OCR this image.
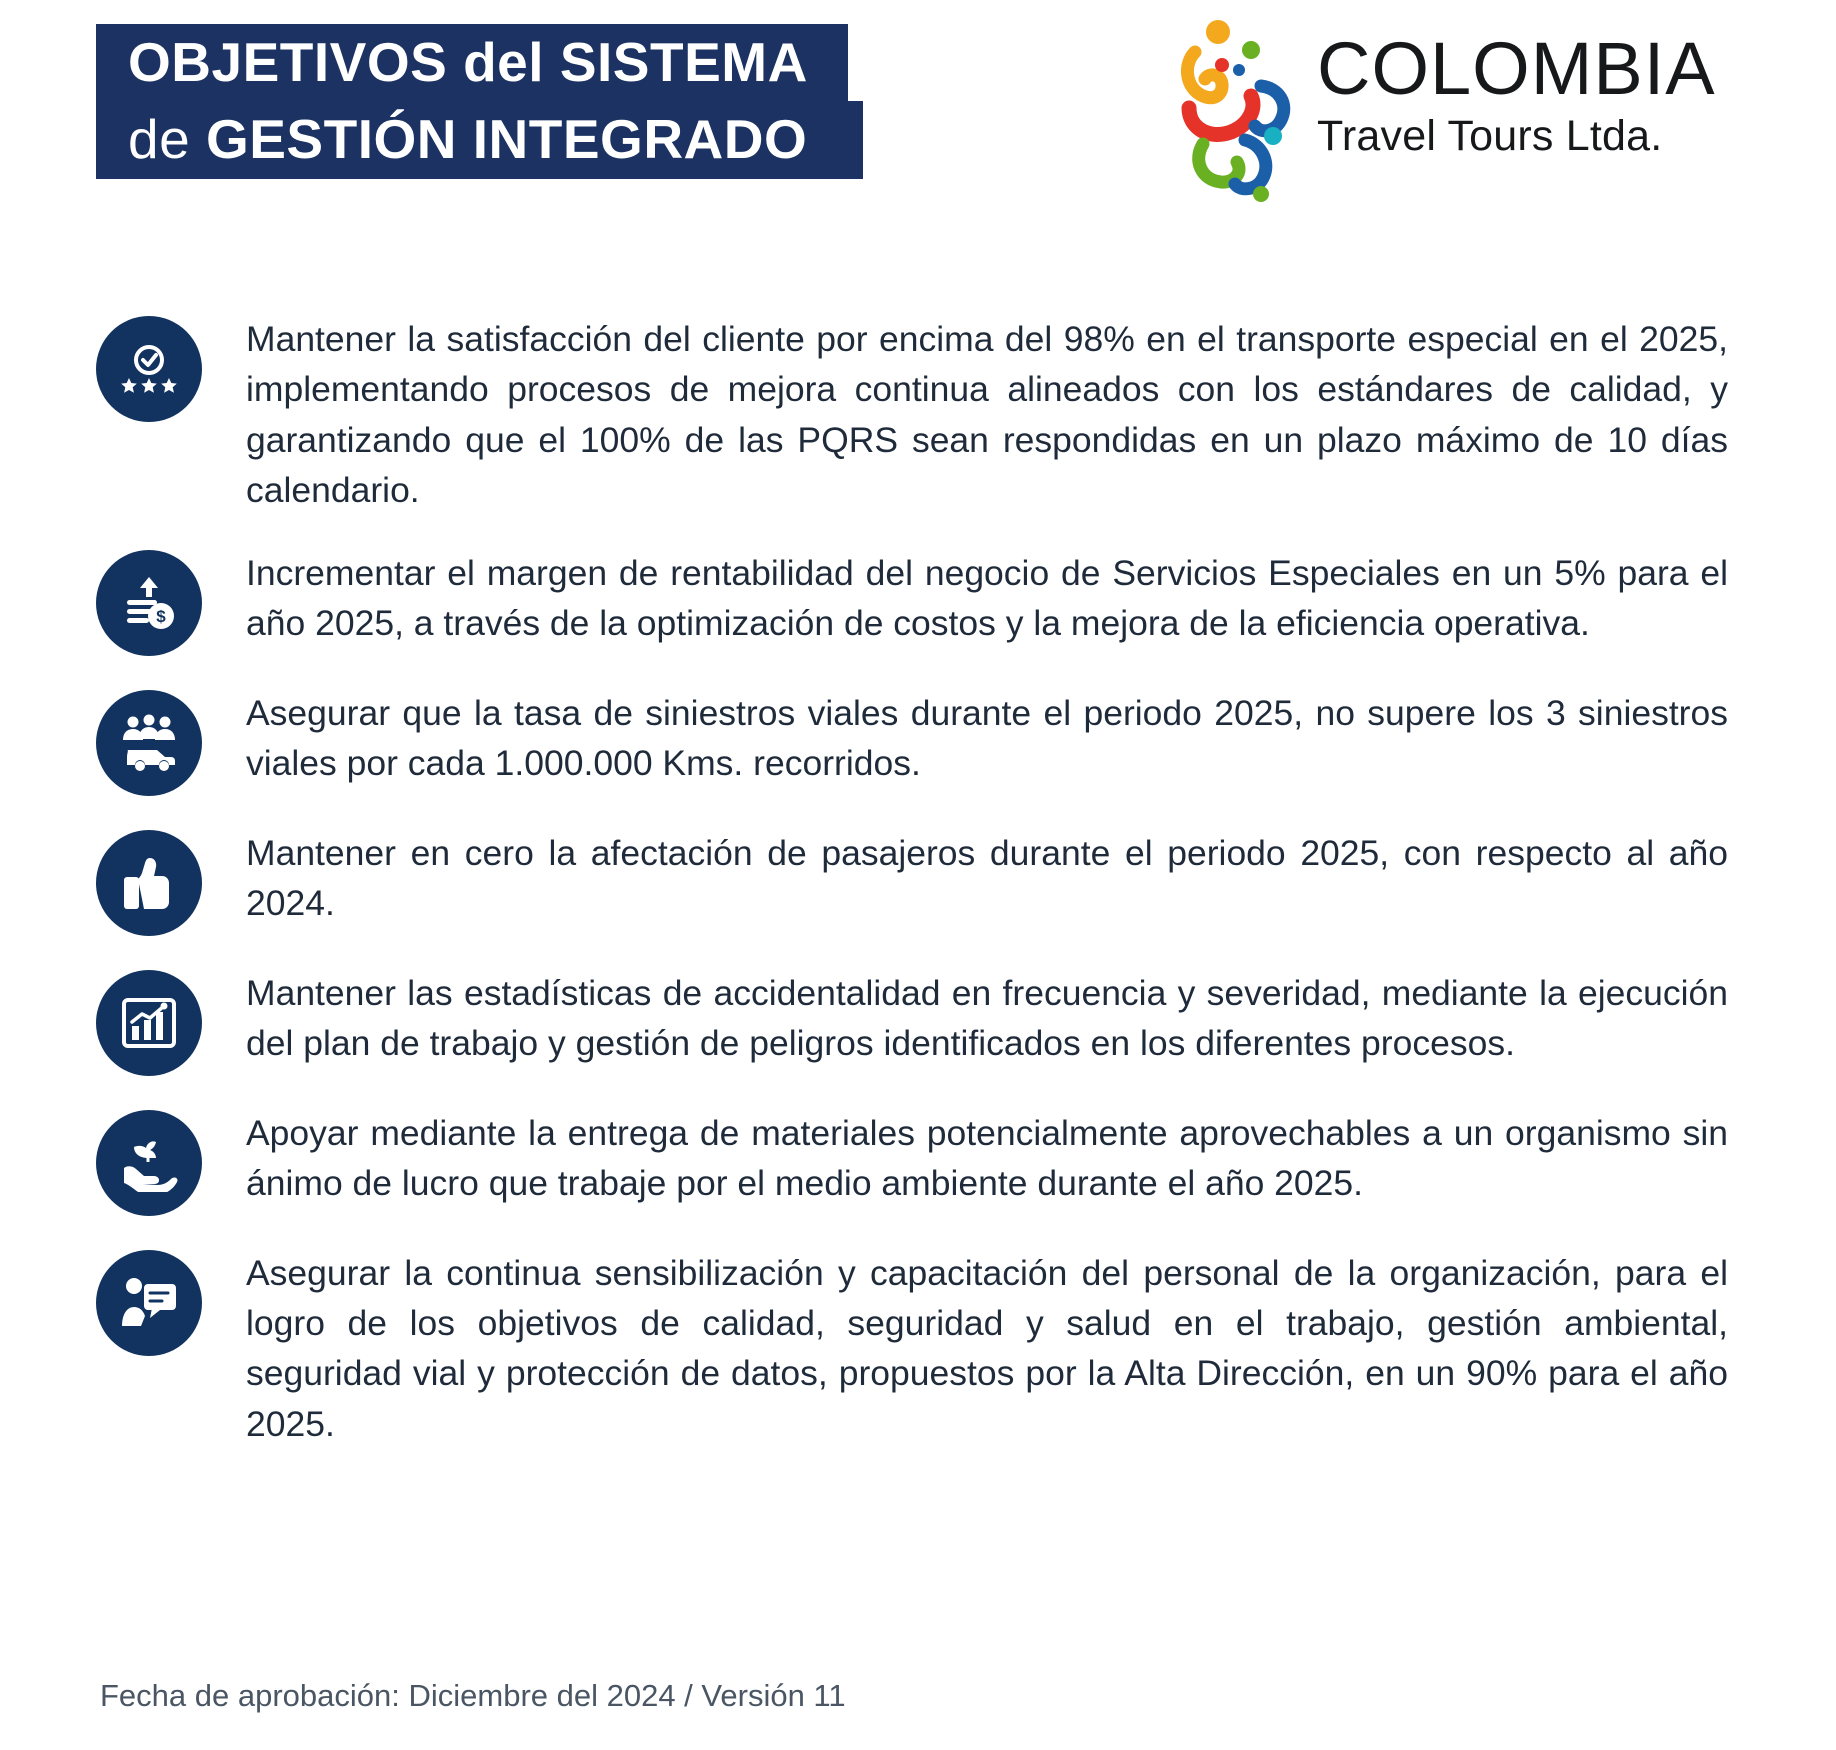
OBJETIVOS del SISTEMA
de GESTIÓN INTEGRADO
COLOMBIA
Travel Tours Ltda.
Mantener la satisfacción del cliente por encima del 98% en el transporte especial en el 2025, implementando procesos de mejora continua alineados con los estándares de calidad, y garantizando que el 100% de las PQRS sean respondidas en un plazo máximo de 10 días calendario.
$
Incrementar el margen de rentabilidad del negocio de Servicios Especiales en un 5% para el año 2025, a través de la optimización de costos y la mejora de la eficiencia operativa.
Asegurar que la tasa de siniestros viales durante el periodo 2025, no supere los 3 siniestros viales por cada 1.000.000 Kms. recorridos.
Mantener en cero la afectación de pasajeros durante el periodo 2025, con respecto al año 2024.
Mantener las estadísticas de accidentalidad en frecuencia y severidad, mediante la ejecución del plan de trabajo y gestión de peligros identificados en los diferentes procesos.
Apoyar mediante la entrega de materiales potencialmente aprovechables a un organismo sin ánimo de lucro que trabaje por el medio ambiente durante el año 2025.
Asegurar la continua sensibilización y capacitación del personal de la organización, para el logro de los objetivos de calidad, seguridad y salud en el trabajo, gestión ambiental, seguridad vial y protección de datos, propuestos por la Alta Dirección, en un 90% para el año 2025.
Fecha de aprobación: Diciembre del 2024 / Versión 11
